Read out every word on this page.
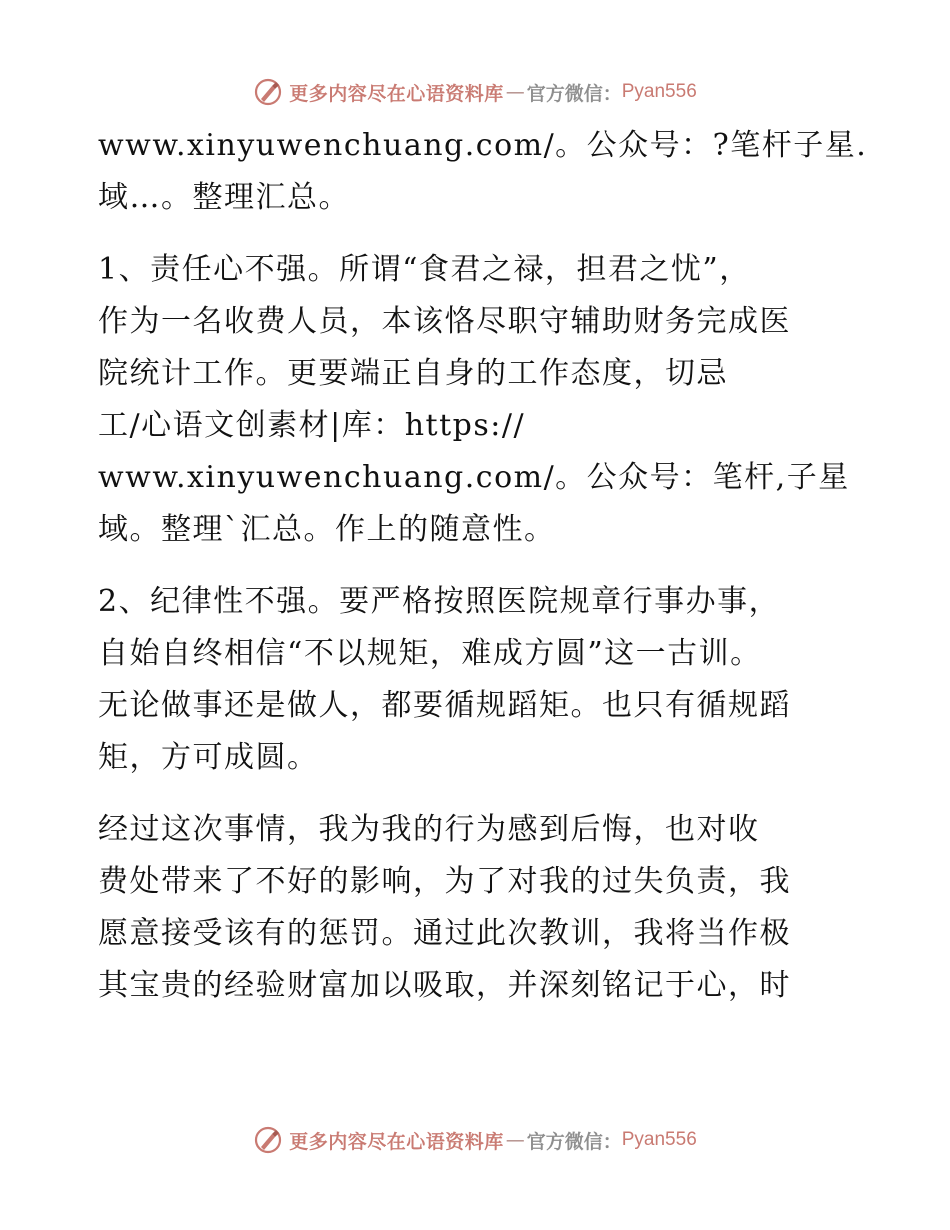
更多内容尽在心语资料库 — 官方微信： Pyan556
www.xinyuwenchuang.com/。公众号：?笔杆子星.
域…。整理汇总。
1、责任心不强。所谓“食君之禄，担君之忧”，
作为一名收费人员，本该恪尽职守辅助财务完成医
院统计工作。更要端正自身的工作态度，切忌
工/心语文创素材|库：https://
www.xinyuwenchuang.com/。公众号：笔杆,子星
域。整理`汇总。作上的随意性。
2、纪律性不强。要严格按照医院规章行事办事，
自始自终相信“不以规矩，难成方圆”这一古训。
无论做事还是做人，都要循规蹈矩。也只有循规蹈
矩，方可成圆。
经过这次事情，我为我的行为感到后悔，也对收
费处带来了不好的影响，为了对我的过失负责，我
愿意接受该有的惩罚。通过此次教训，我将当作极
其宝贵的经验财富加以吸取，并深刻铭记于心，时
更多内容尽在心语资料库 — 官方微信： Pyan556
